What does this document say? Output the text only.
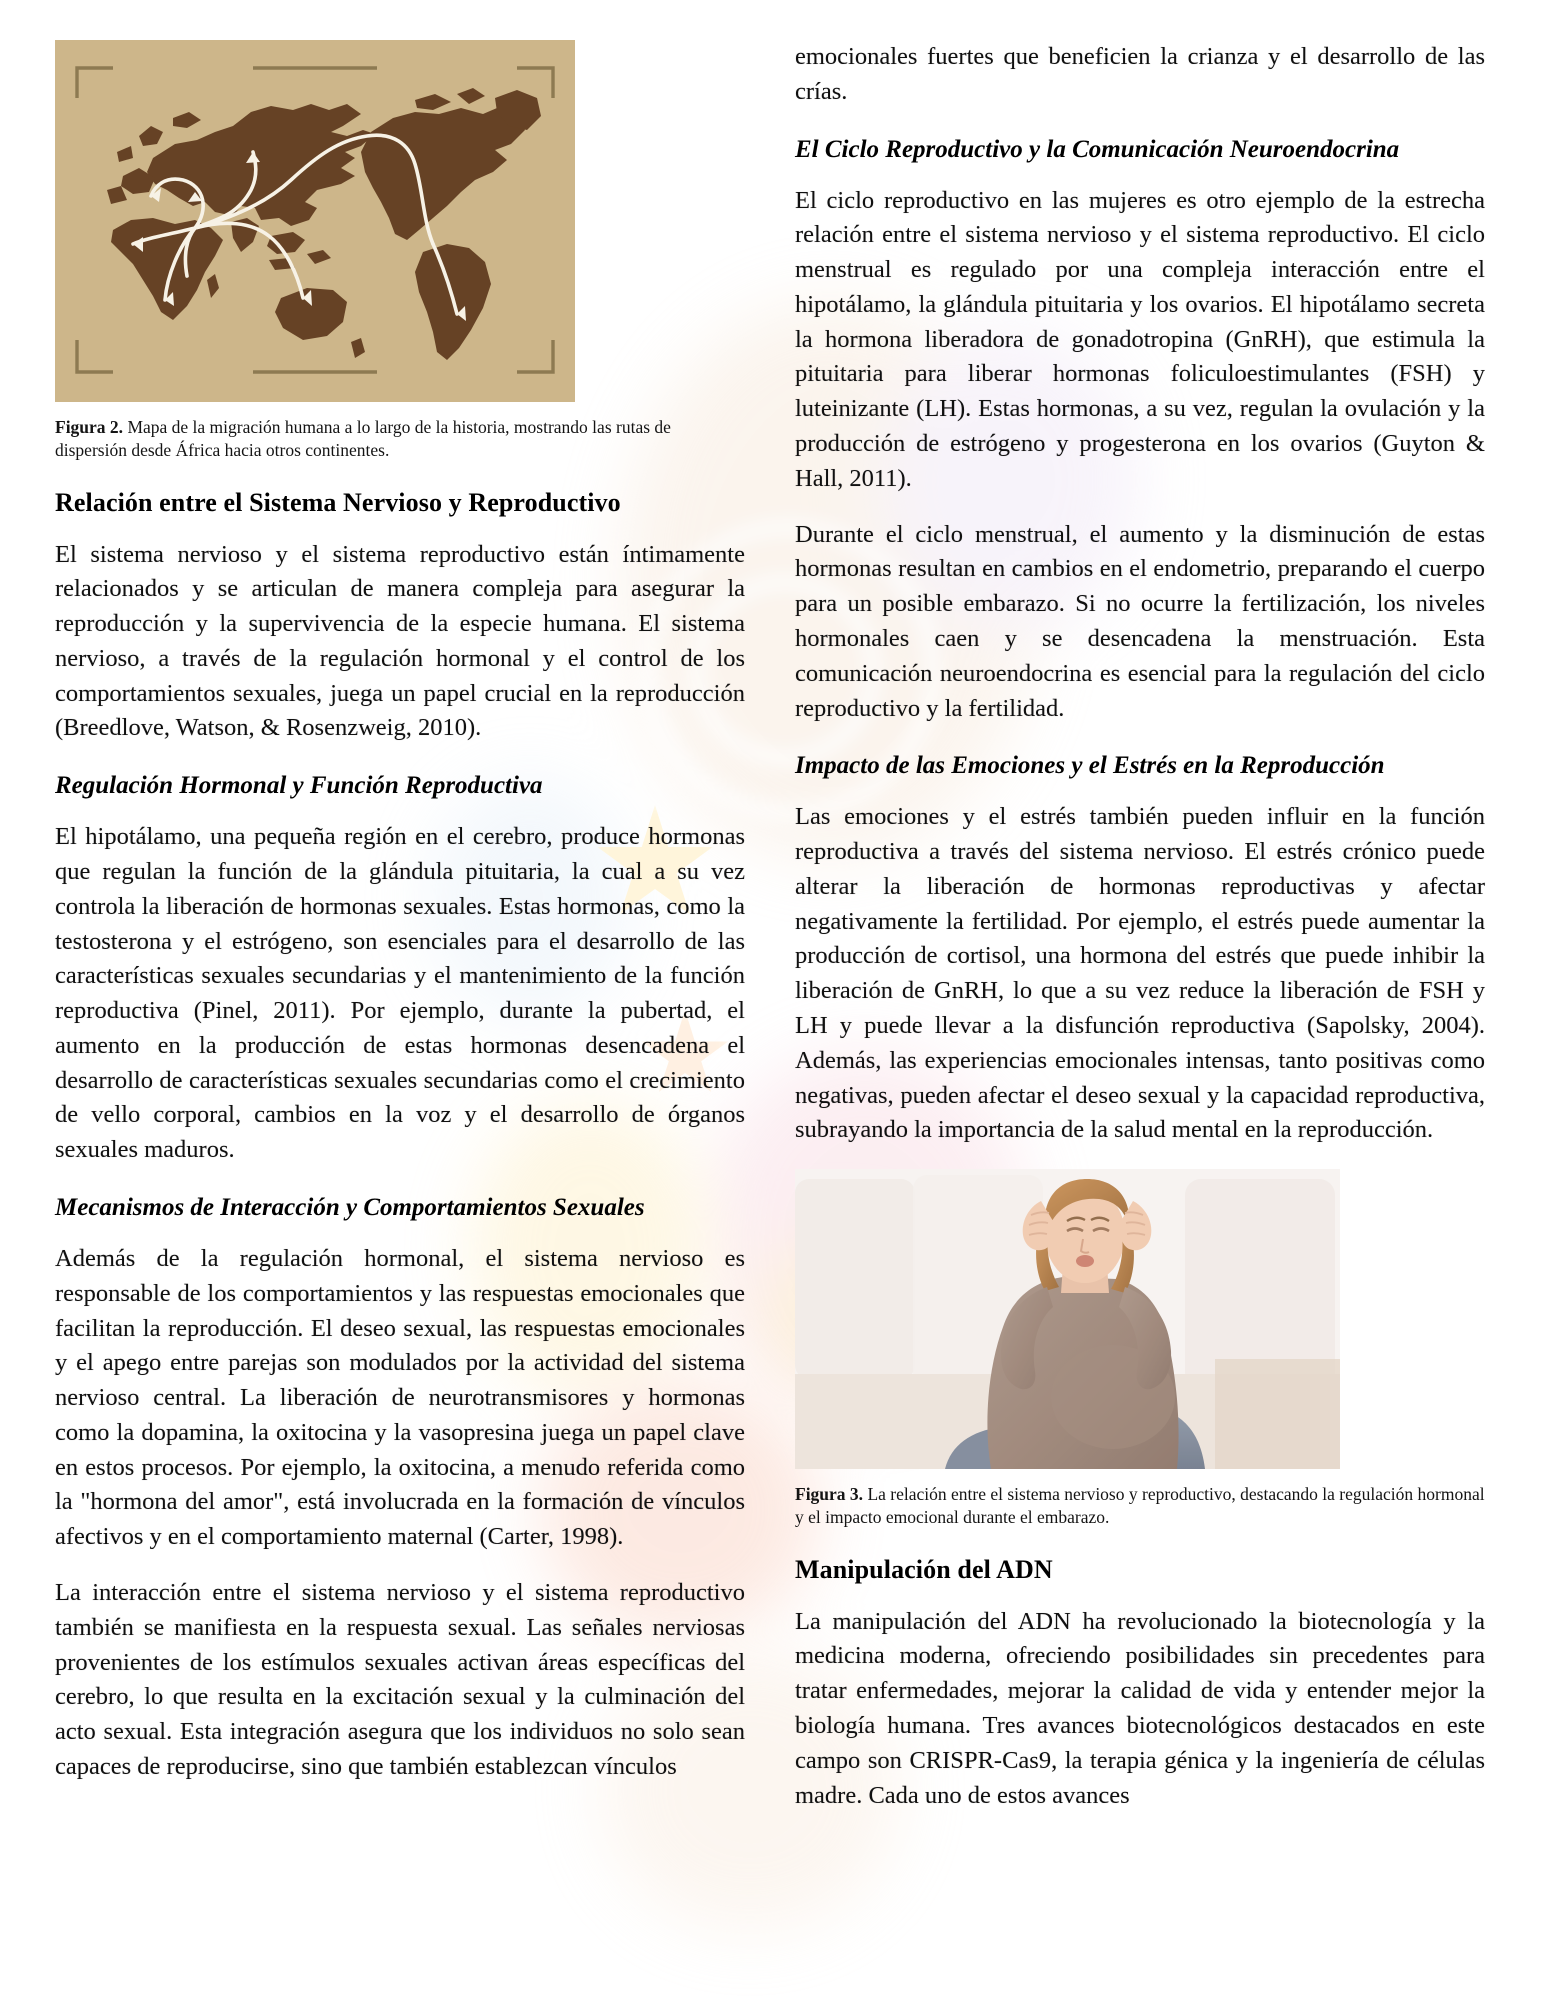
Figura 2. Mapa de la migración humana a lo largo de la historia, mostrando las rutas de dispersión desde África hacia otros continentes.
Relación entre el Sistema Nervioso y Reproductivo

El sistema nervioso y el sistema reproductivo están íntimamente relacionados y se articulan de manera compleja para asegurar la reproducción y la supervivencia de la especie humana. El sistema nervioso, a través de la regulación hormonal y el control de los comportamientos sexuales, juega un papel crucial en la reproducción (Breedlove, Watson, & Rosenzweig, 2010).

Regulación Hormonal y Función Reproductiva

El hipotálamo, una pequeña región en el cerebro, produce hormonas que regulan la función de la glándula pituitaria, la cual a su vez controla la liberación de hormonas sexuales. Estas hormonas, como la testosterona y el estrógeno, son esenciales para el desarrollo de las características sexuales secundarias y el mantenimiento de la función reproductiva (Pinel, 2011). Por ejemplo, durante la pubertad, el aumento en la producción de estas hormonas desencadena el desarrollo de características sexuales secundarias como el crecimiento de vello corporal, cambios en la voz y el desarrollo de órganos sexuales maduros.

Mecanismos de Interacción y Comportamientos Sexuales

Además de la regulación hormonal, el sistema nervioso es responsable de los comportamientos y las respuestas emocionales que facilitan la reproducción. El deseo sexual, las respuestas emocionales y el apego entre parejas son modulados por la actividad del sistema nervioso central. La liberación de neurotransmisores y hormonas como la dopamina, la oxitocina y la vasopresina juega un papel clave en estos procesos. Por ejemplo, la oxitocina, a menudo referida como la "hormona del amor", está involucrada en la formación de vínculos afectivos y en el comportamiento maternal (Carter, 1998).

La interacción entre el sistema nervioso y el sistema reproductivo también se manifiesta en la respuesta sexual. Las señales nerviosas provenientes de los estímulos sexuales activan áreas específicas del cerebro, lo que resulta en la excitación sexual y la culminación del acto sexual. Esta integración asegura que los individuos no solo sean capaces de reproducirse, sino que también establezcan vínculos

emocionales fuertes que beneficien la crianza y el desarrollo de las crías.

El Ciclo Reproductivo y la Comunicación Neuroendocrina

El ciclo reproductivo en las mujeres es otro ejemplo de la estrecha relación entre el sistema nervioso y el sistema reproductivo. El ciclo menstrual es regulado por una compleja interacción entre el hipotálamo, la glándula pituitaria y los ovarios. El hipotálamo secreta la hormona liberadora de gonadotropina (GnRH), que estimula la pituitaria para liberar hormonas foliculoestimulantes (FSH) y luteinizante (LH). Estas hormonas, a su vez, regulan la ovulación y la producción de estrógeno y progesterona en los ovarios (Guyton & Hall, 2011).

Durante el ciclo menstrual, el aumento y la disminución de estas hormonas resultan en cambios en el endometrio, preparando el cuerpo para un posible embarazo. Si no ocurre la fertilización, los niveles hormonales caen y se desencadena la menstruación. Esta comunicación neuroendocrina es esencial para la regulación del ciclo reproductivo y la fertilidad.

Impacto de las Emociones y el Estrés en la Reproducción

Las emociones y el estrés también pueden influir en la función reproductiva a través del sistema nervioso. El estrés crónico puede alterar la liberación de hormonas reproductivas y afectar negativamente la fertilidad. Por ejemplo, el estrés puede aumentar la producción de cortisol, una hormona del estrés que puede inhibir la liberación de GnRH, lo que a su vez reduce la liberación de FSH y LH y puede llevar a la disfunción reproductiva (Sapolsky, 2004). Además, las experiencias emocionales intensas, tanto positivas como negativas, pueden afectar el deseo sexual y la capacidad reproductiva, subrayando la importancia de la salud mental en la reproducción.

Figura 3. La relación entre el sistema nervioso y reproductivo, destacando la regulación hormonal y el impacto emocional durante el embarazo.
Manipulación del ADN

La manipulación del ADN ha revolucionado la biotecnología y la medicina moderna, ofreciendo posibilidades sin precedentes para tratar enfermedades, mejorar la calidad de vida y entender mejor la biología humana. Tres avances biotecnológicos destacados en este campo son CRISPR-Cas9, la terapia génica y la ingeniería de células madre. Cada uno de estos avances
